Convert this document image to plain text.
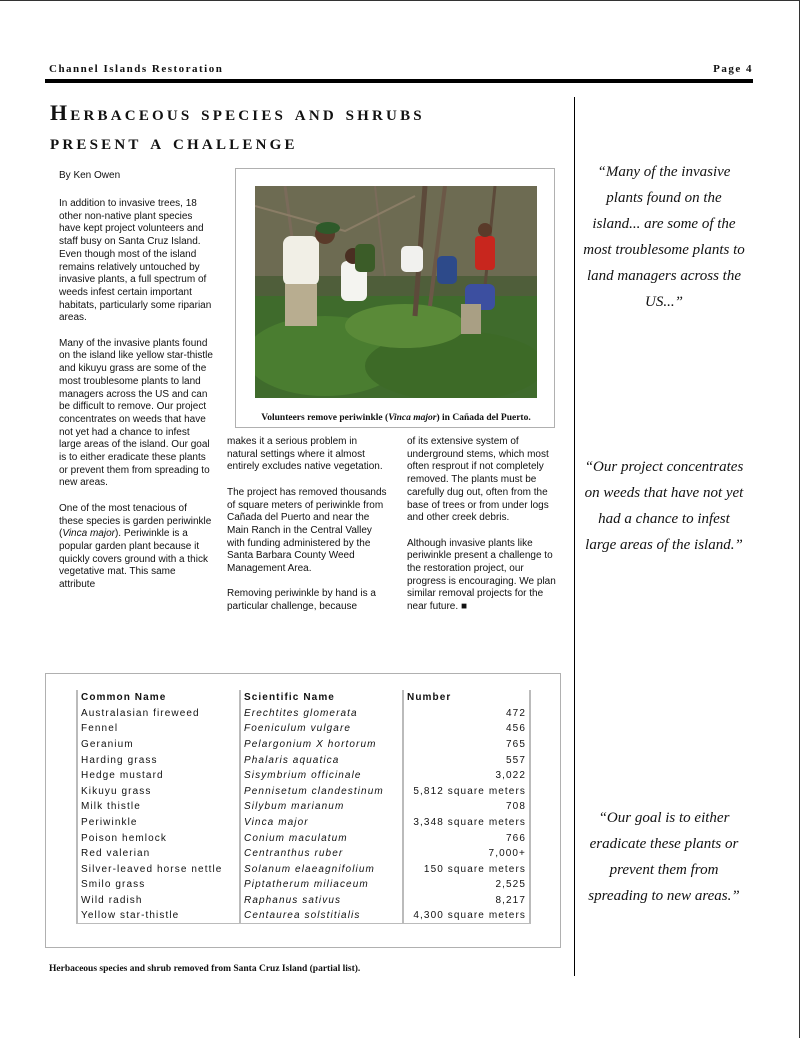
Channel Islands Restoration	Page 4
Herbaceous species and shrubs
present a challenge
By Ken Owen

In addition to invasive trees, 18 other non-native plant species have kept project volunteers and staff busy on Santa Cruz Island. Even though most of the island remains relatively untouched by invasive plants, a full spectrum of weeds infest certain important habitats, particularly some riparian areas.

Many of the invasive plants found on the island like yellow star-thistle and kikuyu grass are some of the most troublesome plants to land managers across the US and can be difficult to remove. Our project concentrates on weeds that have not yet had a chance to infest large areas of the island. Our goal is to either eradicate these plants or prevent them from spreading to new areas.

One of the most tenacious of these species is garden periwinkle (Vinca major). Periwinkle is a popular garden plant because it quickly covers ground with a thick vegetative mat. This same attribute

makes it a serious problem in natural settings where it almost entirely excludes native vegetation.

The project has removed thousands of square meters of periwinkle from Cañada del Puerto and near the Main Ranch in the Central Valley with funding administered by the Santa Barbara County Weed Management Area.

Removing periwinkle by hand is a particular challenge, because

of its extensive system of underground stems, which most often resprout if not completely removed. The plants must be carefully dug out, often from the base of trees or from under logs and other creek debris.

Although invasive plants like periwinkle present a challenge to the restoration project, our progress is encouraging. We plan similar removal projects for the near future. ■

Volunteers remove periwinkle (Vinca major) in Cañada del Puerto.
Common Name	Scientific Name	Number
Australasian fireweed	Erechtites glomerata	472
Fennel	Foeniculum vulgare	456
Geranium	Pelargonium X hortorum	765
Harding grass	Phalaris aquatica	557
Hedge mustard	Sisymbrium officinale	3,022
Kikuyu grass	Pennisetum clandestinum	5,812 square meters
Milk thistle	Silybum marianum	708
Periwinkle	Vinca major	3,348 square meters
Poison hemlock	Conium maculatum	766
Red valerian	Centranthus ruber	7,000+
Silver-leaved horse nettle	Solanum elaeagnifolium	150 square meters
Smilo grass	Piptatherum miliaceum	2,525
Wild radish	Raphanus sativus	8,217
Yellow star-thistle	Centaurea solstitialis	4,300 square meters
Herbaceous species and shrub removed from Santa Cruz Island (partial list).
“Many of the invasive plants found on the island... are some of the most troublesome plants to land managers across the US...”
“Our project concentrates on weeds that have not yet had a chance to infest large areas of the island.”
“Our goal is to either eradicate these plants or prevent them from spreading to new areas.”
